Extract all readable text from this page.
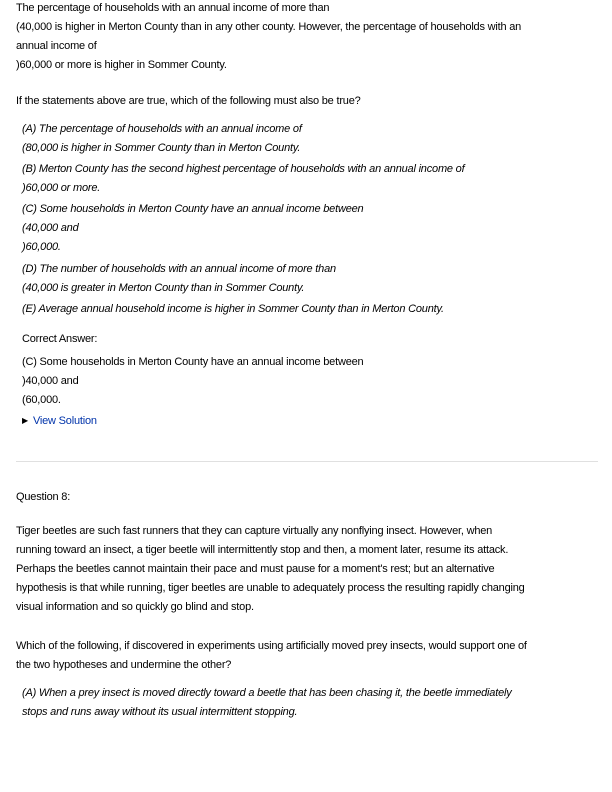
The percentage of households with an annual income of more than
(40,000 is higher in Merton County than in any other county. However, the percentage of households with an
annual income of
)60,000 or more is higher in Sommer County.
If the statements above are true, which of the following must also be true?
(A) The percentage of households with an annual income of
(80,000 is higher in Sommer County than in Merton County.
(B) Merton County has the second highest percentage of households with an annual income of
)60,000 or more.
(C) Some households in Merton County have an annual income between
(40,000 and
)60,000.
(D) The number of households with an annual income of more than
(40,000 is greater in Merton County than in Sommer County.
(E) Average annual household income is higher in Sommer County than in Merton County.
Correct Answer:
(C) Some households in Merton County have an annual income between
)40,000 and
(60,000.
▶ View Solution
Question 8:
Tiger beetles are such fast runners that they can capture virtually any nonflying insect. However, when
running toward an insect, a tiger beetle will intermittently stop and then, a moment later, resume its attack.
Perhaps the beetles cannot maintain their pace and must pause for a moment's rest; but an alternative
hypothesis is that while running, tiger beetles are unable to adequately process the resulting rapidly changing
visual information and so quickly go blind and stop.
Which of the following, if discovered in experiments using artificially moved prey insects, would support one of
the two hypotheses and undermine the other?
(A) When a prey insect is moved directly toward a beetle that has been chasing it, the beetle immediately
stops and runs away without its usual intermittent stopping.
